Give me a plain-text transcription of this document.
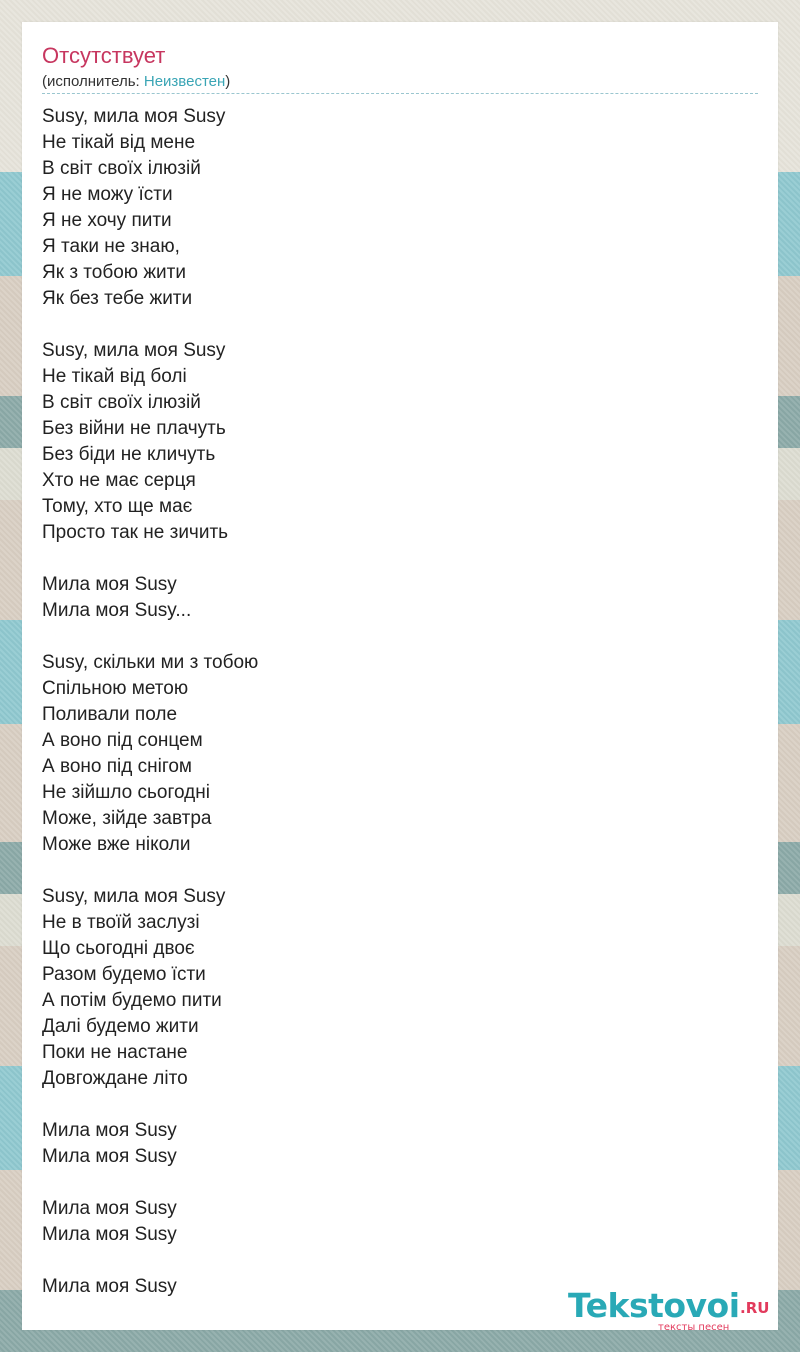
Отсутствует
(исполнитель: Неизвестен)
Susy, мила моя Susy
Не тікай від мене
В світ своїх ілюзій
Я не можу їсти
Я не хочу пити
Я таки не знаю,
Як з тобою жити
Як без тебе жити
Susy, мила моя Susy
Не тікай від болі
В світ своїх ілюзій
Без війни не плачуть
Без біди не кличуть
Хто не має серця
Тому, хто ще має
Просто так не зичить
Мила моя Susy
Мила моя Susy...
Susy, скільки ми з тобою
Спільною метою
Поливали поле
А воно під сонцем
А воно під снігом
Не зійшло сьогодні
Може, зійде завтра
Може вже ніколи
Susy, мила моя Susy
Не в твоїй заслузі
Що сьогодні двоє
Разом будемо їсти
А потім будемо пити
Далі будемо жити
Поки не настане
Довгождане літо
Мила моя Susy
Мила моя Susy
Мила моя Susy
Мила моя Susy
Мила моя Susy	Tekstovoi .RU
тексты песен
